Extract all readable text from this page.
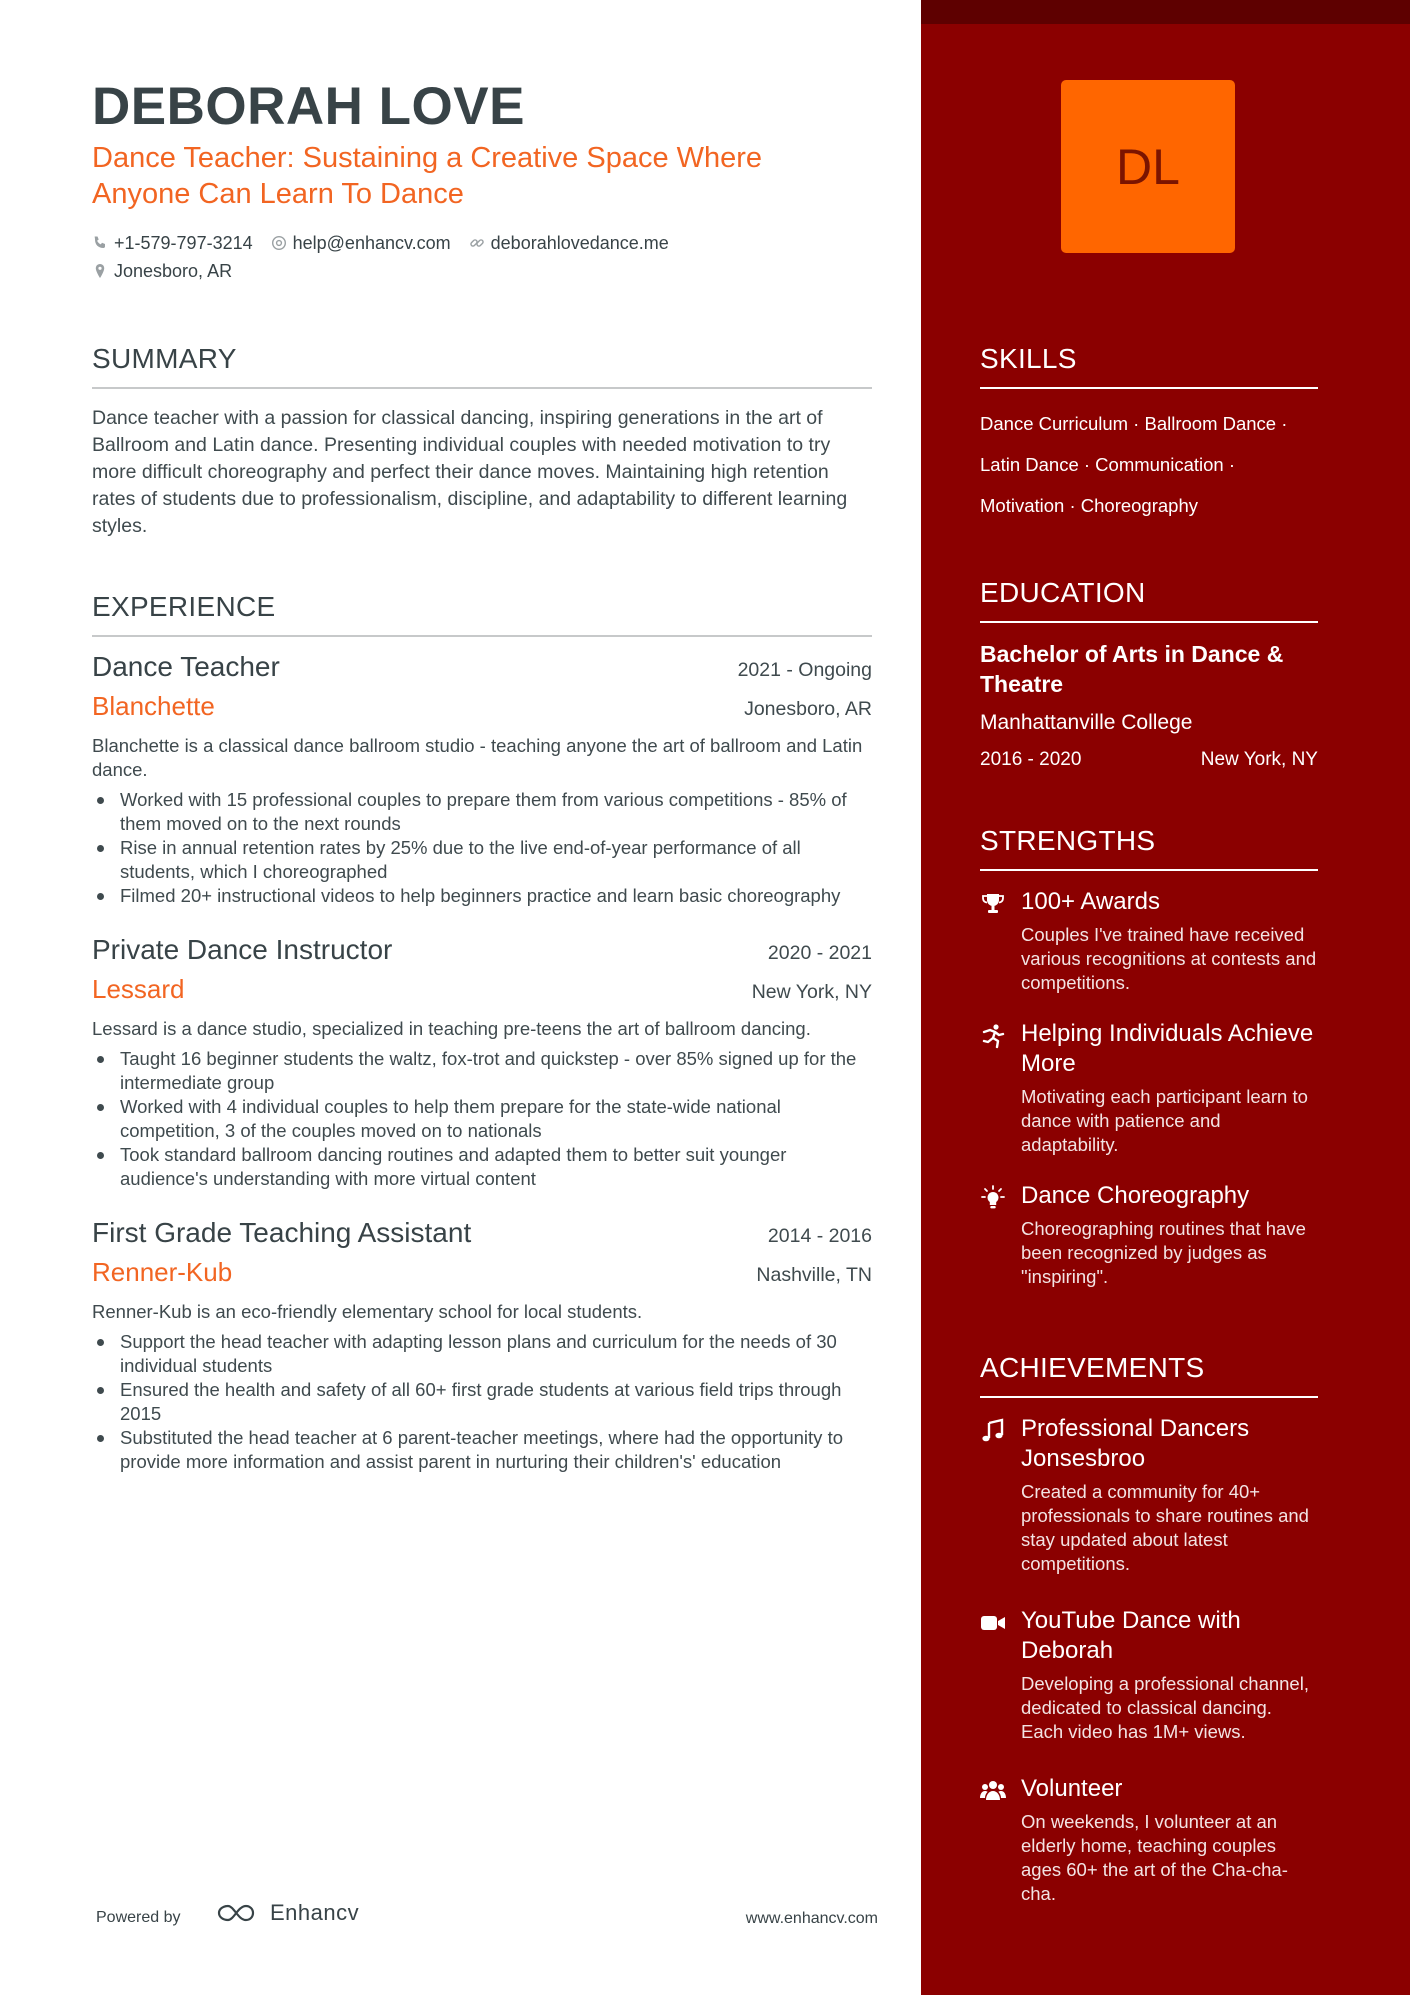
DEBORAH LOVE
Dance Teacher: Sustaining a Creative Space Where Anyone Can Learn To Dance
+1-579-797-3214 help@enhancv.com deborahlovedance.me
Jonesboro, AR
SUMMARY
Dance teacher with a passion for classical dancing, inspiring generations in the art of Ballroom and Latin dance. Presenting individual couples with needed motivation to try more difficult choreography and perfect their dance moves. Maintaining high retention rates of students due to professionalism, discipline, and adaptability to different learning styles.
EXPERIENCE
Dance Teacher	2021 - Ongoing
Blanchette	Jonesboro, AR
Blanchette is a classical dance ballroom studio - teaching anyone the art of ballroom and Latin dance.
Worked with 15 professional couples to prepare them from various competitions - 85% of them moved on to the next rounds
Rise in annual retention rates by 25% due to the live end-of-year performance of all students, which I choreographed
Filmed 20+ instructional videos to help beginners practice and learn basic choreography
Private Dance Instructor	2020 - 2021
Lessard	New York, NY
Lessard is a dance studio, specialized in teaching pre-teens the art of ballroom dancing.
Taught 16 beginner students the waltz, fox-trot and quickstep - over 85% signed up for the intermediate group
Worked with 4 individual couples to help them prepare for the state-wide national competition, 3 of the couples moved on to nationals
Took standard ballroom dancing routines and adapted them to better suit younger audience's understanding with more virtual content
First Grade Teaching Assistant	2014 - 2016
Renner-Kub	Nashville, TN
Renner-Kub is an eco-friendly elementary school for local students.
Support the head teacher with adapting lesson plans and curriculum for the needs of 30 individual students
Ensured the health and safety of all 60+ first grade students at various field trips through 2015
Substituted the head teacher at 6 parent-teacher meetings, where had the opportunity to provide more information and assist parent in nurturing their children's' education
Powered by	Enhancv	www.enhancv.com
DL
SKILLS
Dance Curriculum · Ballroom Dance ·
Latin Dance · Communication ·
Motivation · Choreography
EDUCATION
Bachelor of Arts in Dance & Theatre
Manhattanville College
2016 - 2020	New York, NY
STRENGTHS
100+ Awards
Couples I've trained have received various recognitions at contests and competitions.
Helping Individuals Achieve More
Motivating each participant learn to dance with patience and adaptability.
Dance Choreography
Choreographing routines that have been recognized by judges as "inspiring".
ACHIEVEMENTS
Professional Dancers Jonsesbroo
Created a community for 40+ professionals to share routines and stay updated about latest competitions.
YouTube Dance with Deborah
Developing a professional channel, dedicated to classical dancing. Each video has 1M+ views.
Volunteer
On weekends, I volunteer at an elderly home, teaching couples ages 60+ the art of the Cha-cha-cha.
